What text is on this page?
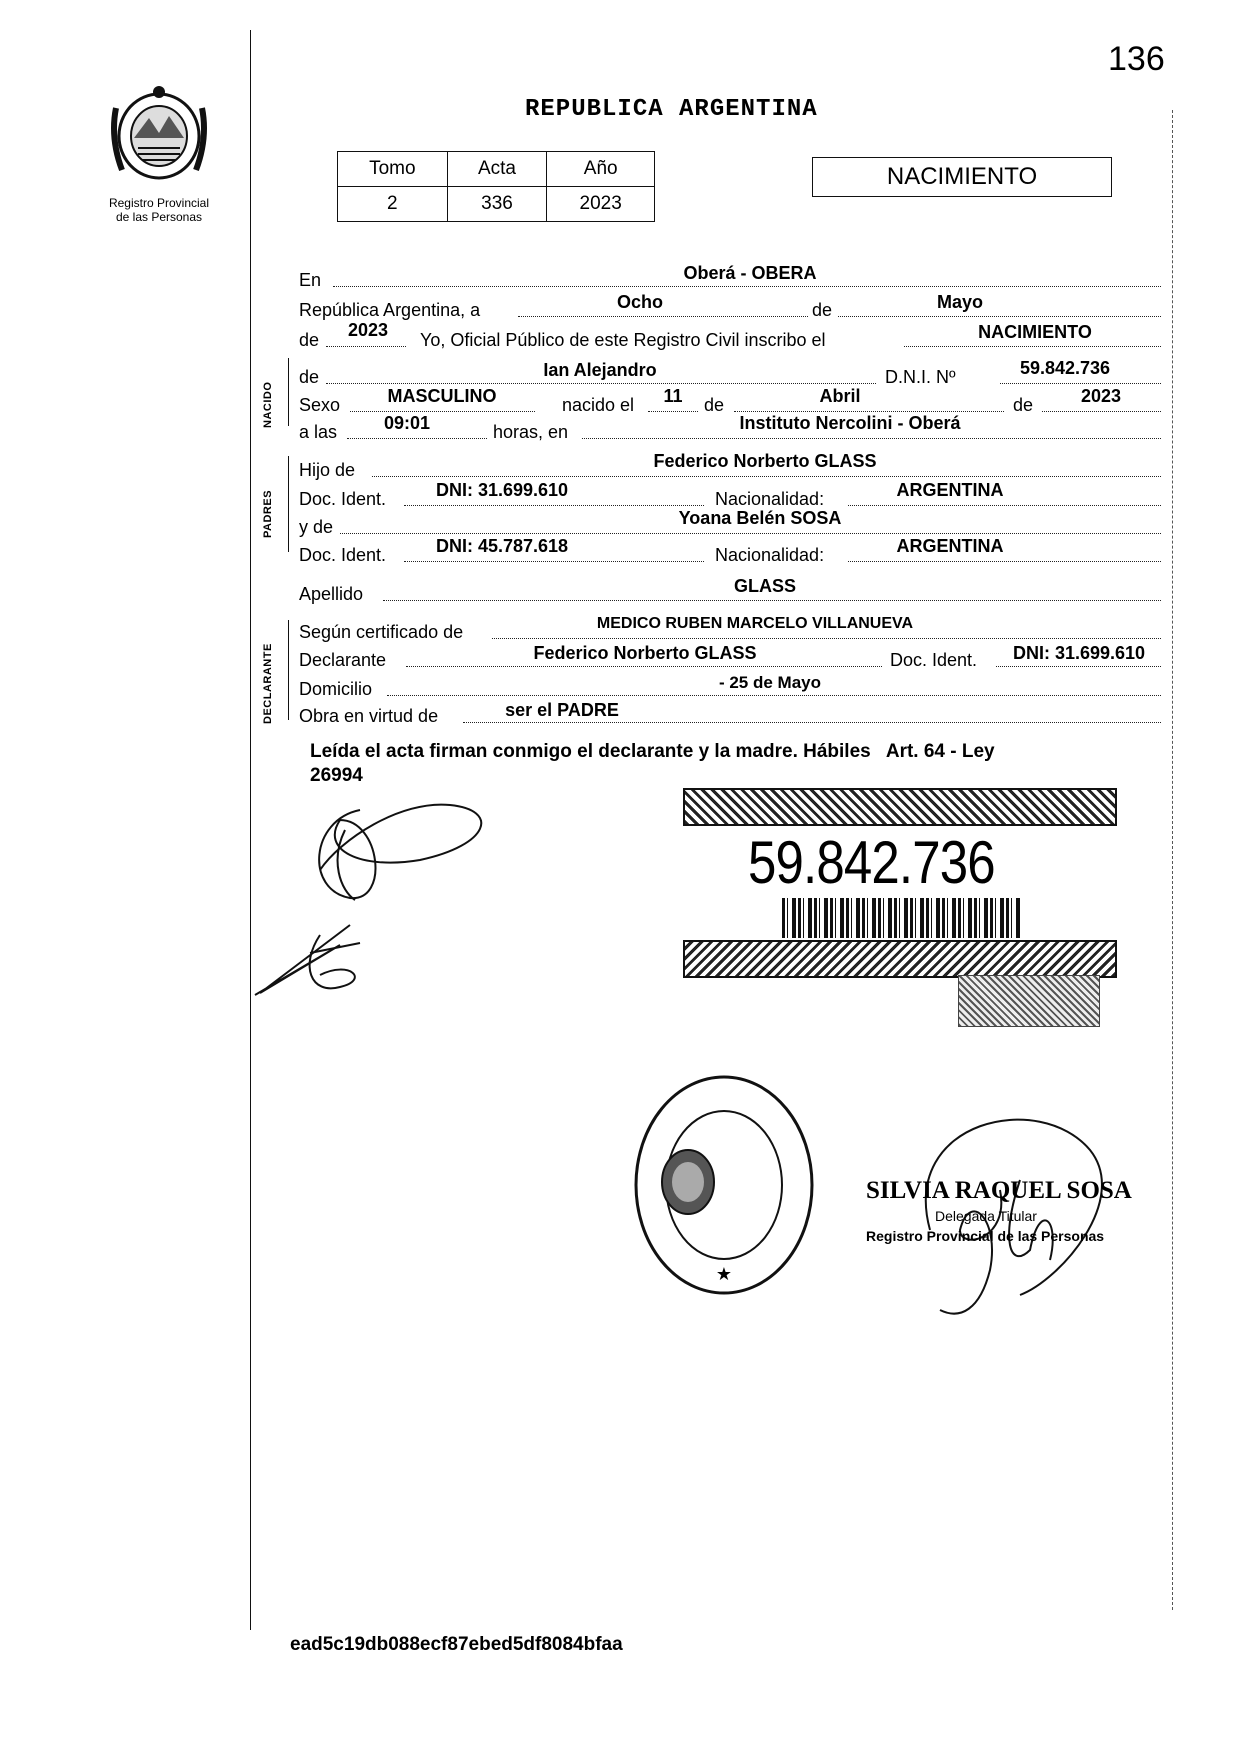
136
Registro Provincial
de las Personas
REPUBLICA ARGENTINA
Tomo	Acta	Año
2	336	2023
NACIMIENTO
NACIDO
PADRES
DECLARANTE
En	Oberá - OBERA
República Argentina, a	Ocho	de	Mayo
de	2023	Yo, Oficial Público de este Registro Civil inscribo el	NACIMIENTO
de	Ian Alejandro	D.N.I. Nº	59.842.736
Sexo	MASCULINO	nacido el	11	de	Abril	de	2023
a las	09:01	horas, en	Instituto Nercolini - Oberá
Hijo de	Federico Norberto GLASS
Doc. Ident.	DNI: 31.699.610	Nacionalidad:	ARGENTINA
y de	Yoana Belén SOSA
Doc. Ident.	DNI: 45.787.618	Nacionalidad:	ARGENTINA
Apellido	GLASS
Según certificado de	MEDICO RUBEN MARCELO VILLANUEVA
Declarante	Federico Norberto GLASS	Doc. Ident.	DNI: 31.699.610
Domicilio	- 25 de Mayo
Obra en virtud de	ser el PADRE
Leída el acta firman conmigo el declarante y la madre. Hábiles   Art. 64 - Ley
26994
59.842.736
★
SILVIA RAQUEL SOSA
Delegada Titular
Registro Provincial de las Personas
ead5c19db088ecf87ebed5df8084bfaa
